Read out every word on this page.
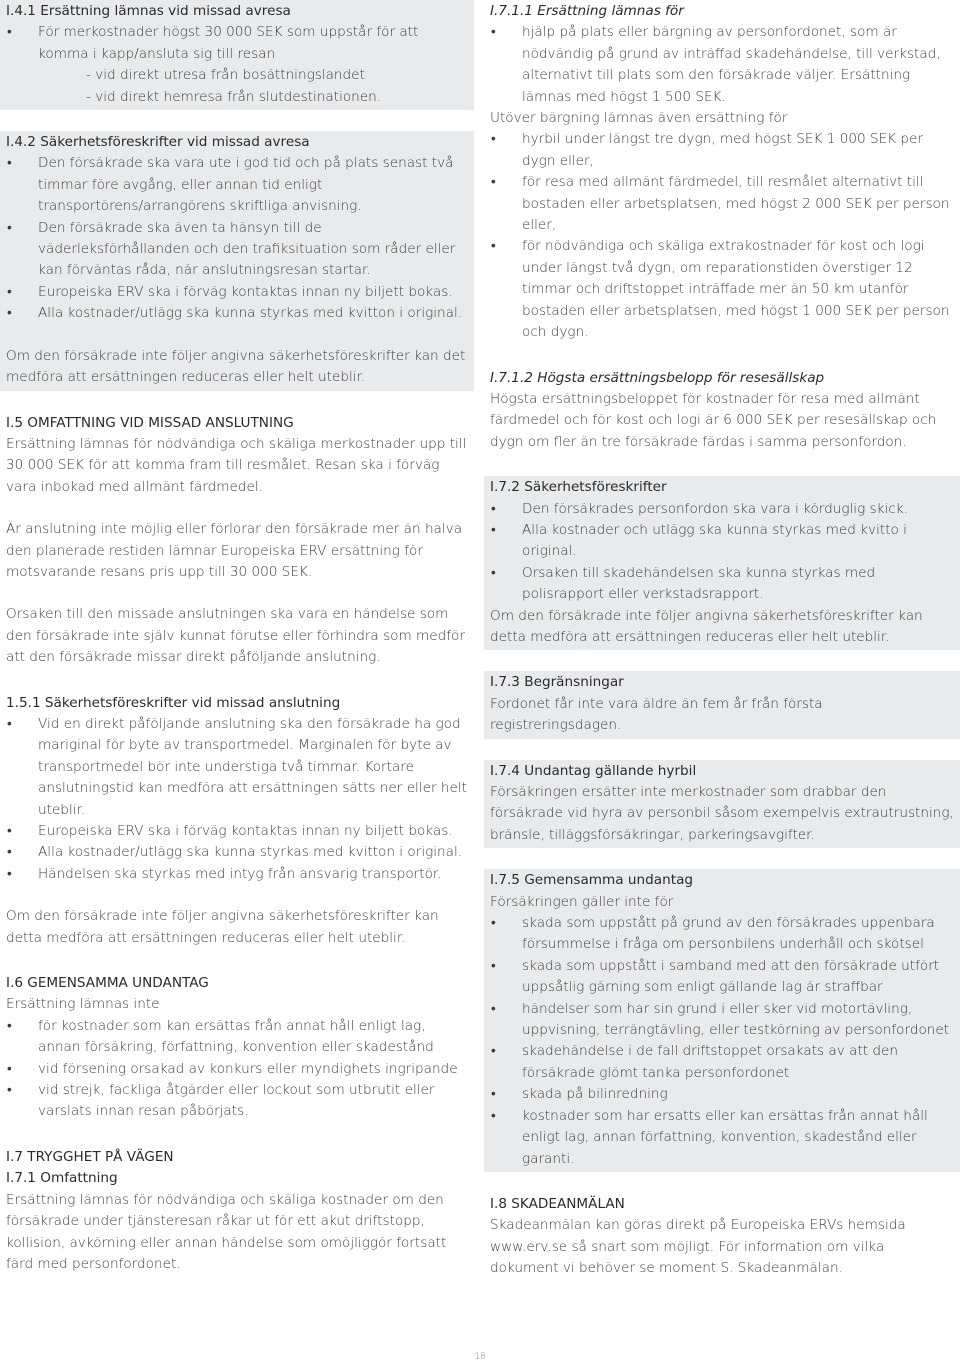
I.4.1 Ersättning lämnas vid missad avresa
• För merkostnader högst 30 000 SEK som uppstår för att komma i kapp/ansluta sig till resan
- vid direkt utresa från bosättningslandet
- vid direkt hemresa från slutdestinationen.
I.4.2 Säkerhetsföreskrifter vid missad avresa
• Den försäkrade ska vara ute i god tid och på plats senast två timmar före avgång, eller annan tid enligt transportörens/arrangörens skriftliga anvisning.
• Den försäkrade ska även ta hänsyn till de väderleksförhållanden och den trafiksituation som råder eller kan förväntas råda, när anslutningsresan startar.
• Europeiska ERV ska i förväg kontaktas innan ny biljett bokas.
• Alla kostnader/utlägg ska kunna styrkas med kvitton i original.

Om den försäkrade inte följer angivna säkerhetsföreskrifter kan det medföra att ersättningen reduceras eller helt uteblir.

I.5 OMFATTNING VID MISSAD ANSLUTNING

Ersättning lämnas för nödvändiga och skäliga merkostnader upp till 30 000 SEK för att komma fram till resmålet. Resan ska i förväg vara inbokad med allmänt färdmedel.

Är anslutning inte möjlig eller förlorar den försäkrade mer än halva den planerade restiden lämnar Europeiska ERV ersättning för motsvarande resans pris upp till 30 000 SEK.

Orsaken till den missade anslutningen ska vara en händelse som den försäkrade inte själv kunnat förutse eller förhindra som medför att den försäkrade missar direkt påföljande anslutning.

1.5.1 Säkerhetsföreskrifter vid missad anslutning
• Vid en direkt påföljande anslutning ska den försäkrade ha god mariginal för byte av transportmedel. Marginalen för byte av transportmedel bör inte understiga två timmar. Kortare anslutningstid kan medföra att ersättningen sätts ner eller helt uteblir.
• Europeiska ERV ska i förväg kontaktas innan ny biljett bokas.
• Alla kostnader/utlägg ska kunna styrkas med kvitton i original.
• Händelsen ska styrkas med intyg från ansvarig transportör.

Om den försäkrade inte följer angivna säkerhetsföreskrifter kan detta medföra att ersättningen reduceras eller helt uteblir.

I.6 GEMENSAMMA UNDANTAG

Ersättning lämnas inte

• för kostnader som kan ersättas från annat håll enligt lag, annan försäkring, författning, konvention eller skadestånd
• vid försening orsakad av konkurs eller myndighets ingripande
• vid strejk, fackliga åtgärder eller lockout som utbrutit eller varslats innan resan påbörjats.
I.7 TRYGGHET PÅ VÄGEN
I.7.1 Omfattning

Ersättning lämnas för nödvändiga och skäliga kostnader om den försäkrade under tjänsteresan råkar ut för ett akut driftstopp, kollision, avkörning eller annan händelse som omöjliggör fortsatt färd med personfordonet.

I.7.1.1 Ersättning lämnas för
• hjälp på plats eller bärgning av personfordonet, som är nödvändig på grund av inträffad skadehändelse, till verkstad, alternativt till plats som den försäkrade väljer. Ersättning lämnas med högst 1 500 SEK.

Utöver bärgning lämnas även ersättning för

• hyrbil under längst tre dygn, med högst SEK 1 000 SEK per dygn eller,
• för resa med allmänt färdmedel, till resmålet alternativt till bostaden eller arbetsplatsen, med högst 2 000 SEK per person eller,
• för nödvändiga och skäliga extrakostnader för kost och logi under längst två dygn, om reparationstiden överstiger 12 timmar och driftstoppet inträffade mer än 50 km utanför bostaden eller arbetsplatsen, med högst 1 000 SEK per person och dygn.
I.7.1.2 Högsta ersättningsbelopp för resesällskap

Högsta ersättningsbeloppet för kostnader för resa med allmänt färdmedel och för kost och logi är 6 000 SEK per resesällskap och dygn om fler än tre försäkrade färdas i samma personfordon.

I.7.2 Säkerhetsföreskrifter
• Den försäkrades personfordon ska vara i körduglig skick.
• Alla kostnader och utlägg ska kunna styrkas med kvitto i original.
• Orsaken till skadehändelsen ska kunna styrkas med polisrapport eller verkstadsrapport.

Om den försäkrade inte följer angivna säkerhetsföreskrifter kan detta medföra att ersättningen reduceras eller helt uteblir.

I.7.3 Begränsningar

Fordonet får inte vara äldre än fem år från första registreringsdagen.

I.7.4 Undantag gällande hyrbil

Försäkringen ersätter inte merkostnader som drabbar den försäkrade vid hyra av personbil såsom exempelvis extrautrustning, bränsle, tilläggsförsäkringar, parkeringsavgifter.

I.7.5 Gemensamma undantag

Försäkringen gäller inte för

• skada som uppstått på grund av den försäkrades uppenbara försummelse i fråga om personbilens underhåll och skötsel
• skada som uppstått i samband med att den försäkrade utfört uppsåtlig gärning som enligt gällande lag är straffbar
• händelser som har sin grund i eller sker vid motortävling, uppvisning, terrängtävling, eller testkörning av personfordonet
• skadehändelse i de fall driftstoppet orsakats av att den försäkrade glömt tanka personfordonet
• skada på bilinredning
• kostnader som har ersatts eller kan ersättas från annat håll enligt lag, annan författning, konvention, skadestånd eller garanti.
I.8 SKADEANMÄLAN

Skadeanmälan kan göras direkt på Europeiska ERVs hemsida www.erv.se så snart som möjligt. För information om vilka dokument vi behöver se moment S. Skadeanmälan.

18
